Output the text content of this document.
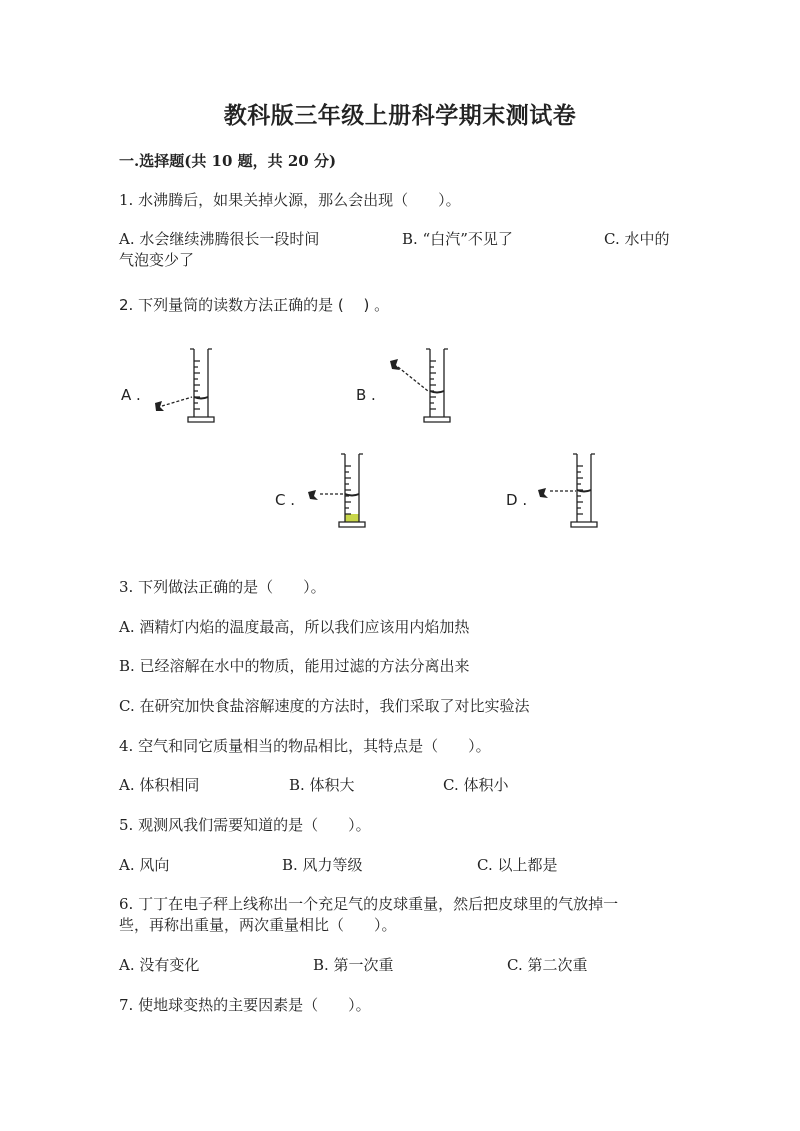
教科版三年级上册科学期末测试卷
一.选择题(共 10 题，共 20 分)
1. 水沸腾后，如果关掉火源，那么会出现（　　）。
A. 水会继续沸腾很长一段时间	B. “白汽”不见了	C. 水中的
气泡变少了
2. 下列量筒的读数方法正确的是 (　 ) 。
A .	B .
C .	D .
3. 下列做法正确的是（　　）。
A. 酒精灯内焰的温度最高，所以我们应该用内焰加热
B. 已经溶解在水中的物质，能用过滤的方法分离出来
C. 在研究加快食盐溶解速度的方法时，我们采取了对比实验法
4. 空气和同它质量相当的物品相比，其特点是（　　）。
A. 体积相同	B. 体积大	C. 体积小
5. 观测风我们需要知道的是（　　）。
A. 风向	B. 风力等级	C. 以上都是
6. 丁丁在电子秤上线称出一个充足气的皮球重量，然后把皮球里的气放掉一
些，再称出重量，两次重量相比（　　）。
A. 没有变化	B. 第一次重	C. 第二次重
7. 使地球变热的主要因素是（　　）。
